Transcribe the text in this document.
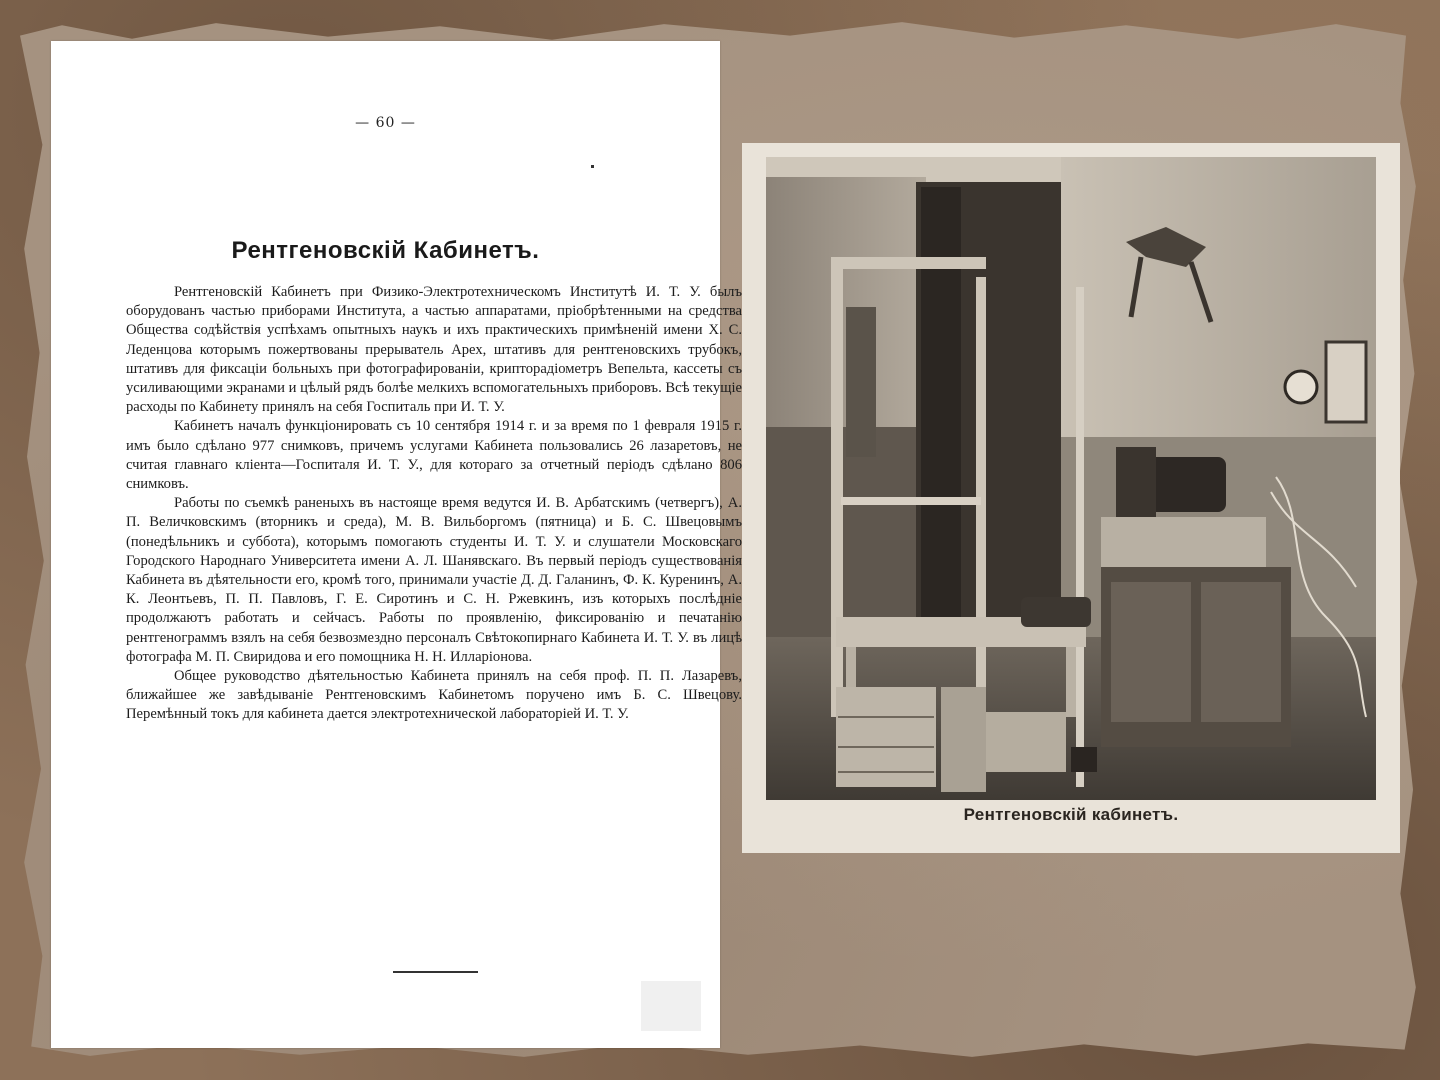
— 60 —
Рентгеновскій Кабинетъ.

Рентгеновскій Кабинетъ при Физико-Электротехническомъ Институтѣ И. Т. У. былъ оборудованъ частью приборами Института, а частью аппаратами, пріобрѣтенными на средства Общества содѣйствія успѣхамъ опытныхъ наукъ и ихъ практическихъ примѣненій имени Х. С. Леденцова которымъ пожертвованы прерыватель Арех, штативъ для рентгеновскихъ трубокъ, штативъ для фиксаціи больныхъ при фотографированіи, крипторадіометръ Вепельта, кассеты съ усиливающими экранами и цѣлый рядъ болѣе мелкихъ вспомогательныхъ приборовъ. Всѣ текущіе расходы по Кабинету принялъ на себя Госпиталь при И. Т. У.

Кабинетъ началъ функціонировать съ 10 сентября 1914 г. и за время по 1 февраля 1915 г. имъ было сдѣлано 977 снимковъ, причемъ услугами Кабинета пользовались 26 лазаретовъ, не считая главнаго кліента—Госпиталя И. Т. У., для котораго за отчетный періодъ сдѣлано 806 снимковъ.

Работы по съемкѣ раненыхъ въ настояще время ведутся И. В. Арбатскимъ (четвергъ), А. П. Величковскимъ (вторникъ и среда), М. В. Вильборгомъ (пятница) и Б. С. Швецовымъ (понедѣльникъ и суббота), которымъ помогають студенты И. Т. У. и слушатели Московскаго Городского Народнаго Университета имени А. Л. Шанявскаго. Въ первый періодъ существованія Кабинета въ дѣятельности его, кромѣ того, принимали участіе Д. Д. Галанинъ, Ф. К. Куренинъ, А. К. Леонтьевъ, П. П. Павловъ, Г. Е. Сиротинъ и С. Н. Ржевкинъ, изъ которыхъ послѣдніе продолжаютъ работать и сейчасъ. Работы по проявленію, фиксированію и печатанію рентгенограммъ взялъ на себя безвозмездно персоналъ Свѣтокопирнаго Кабинета И. Т. У. въ лицѣ фотографа М. П. Свиридова и его помощника Н. Н. Илларіонова.

Общее руководство дѣятельностью Кабинета принялъ на себя проф. П. П. Лазаревъ, ближайшее же завѣдываніе Рентгеновскимъ Кабинетомъ поручено имъ Б. С. Швецову. Перемѣнный токъ для кабинета дается электротехнической лабораторіей И. Т. У.

Рентгеновскій кабинетъ.
